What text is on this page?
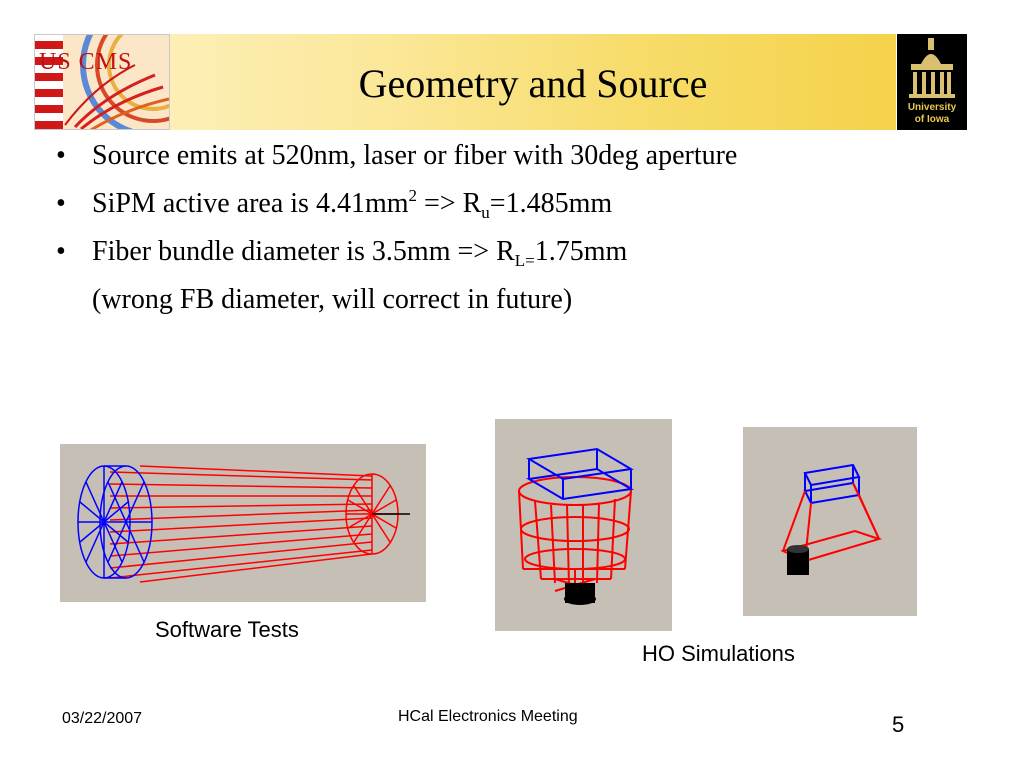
US CMS
University
of Iowa
Geometry and Source
• Source emits at 520nm, laser or fiber with 30deg aperture
• SiPM active area is $4.41mm^2 => R_u=1.485mm$
• Fiber bundle diameter is $3.5mm => R_{L=}1.75mm$
(wrong FB diameter, will correct in future)
Software Tests
HO Simulations
03/22/2007	HCal Electronics Meeting	5
